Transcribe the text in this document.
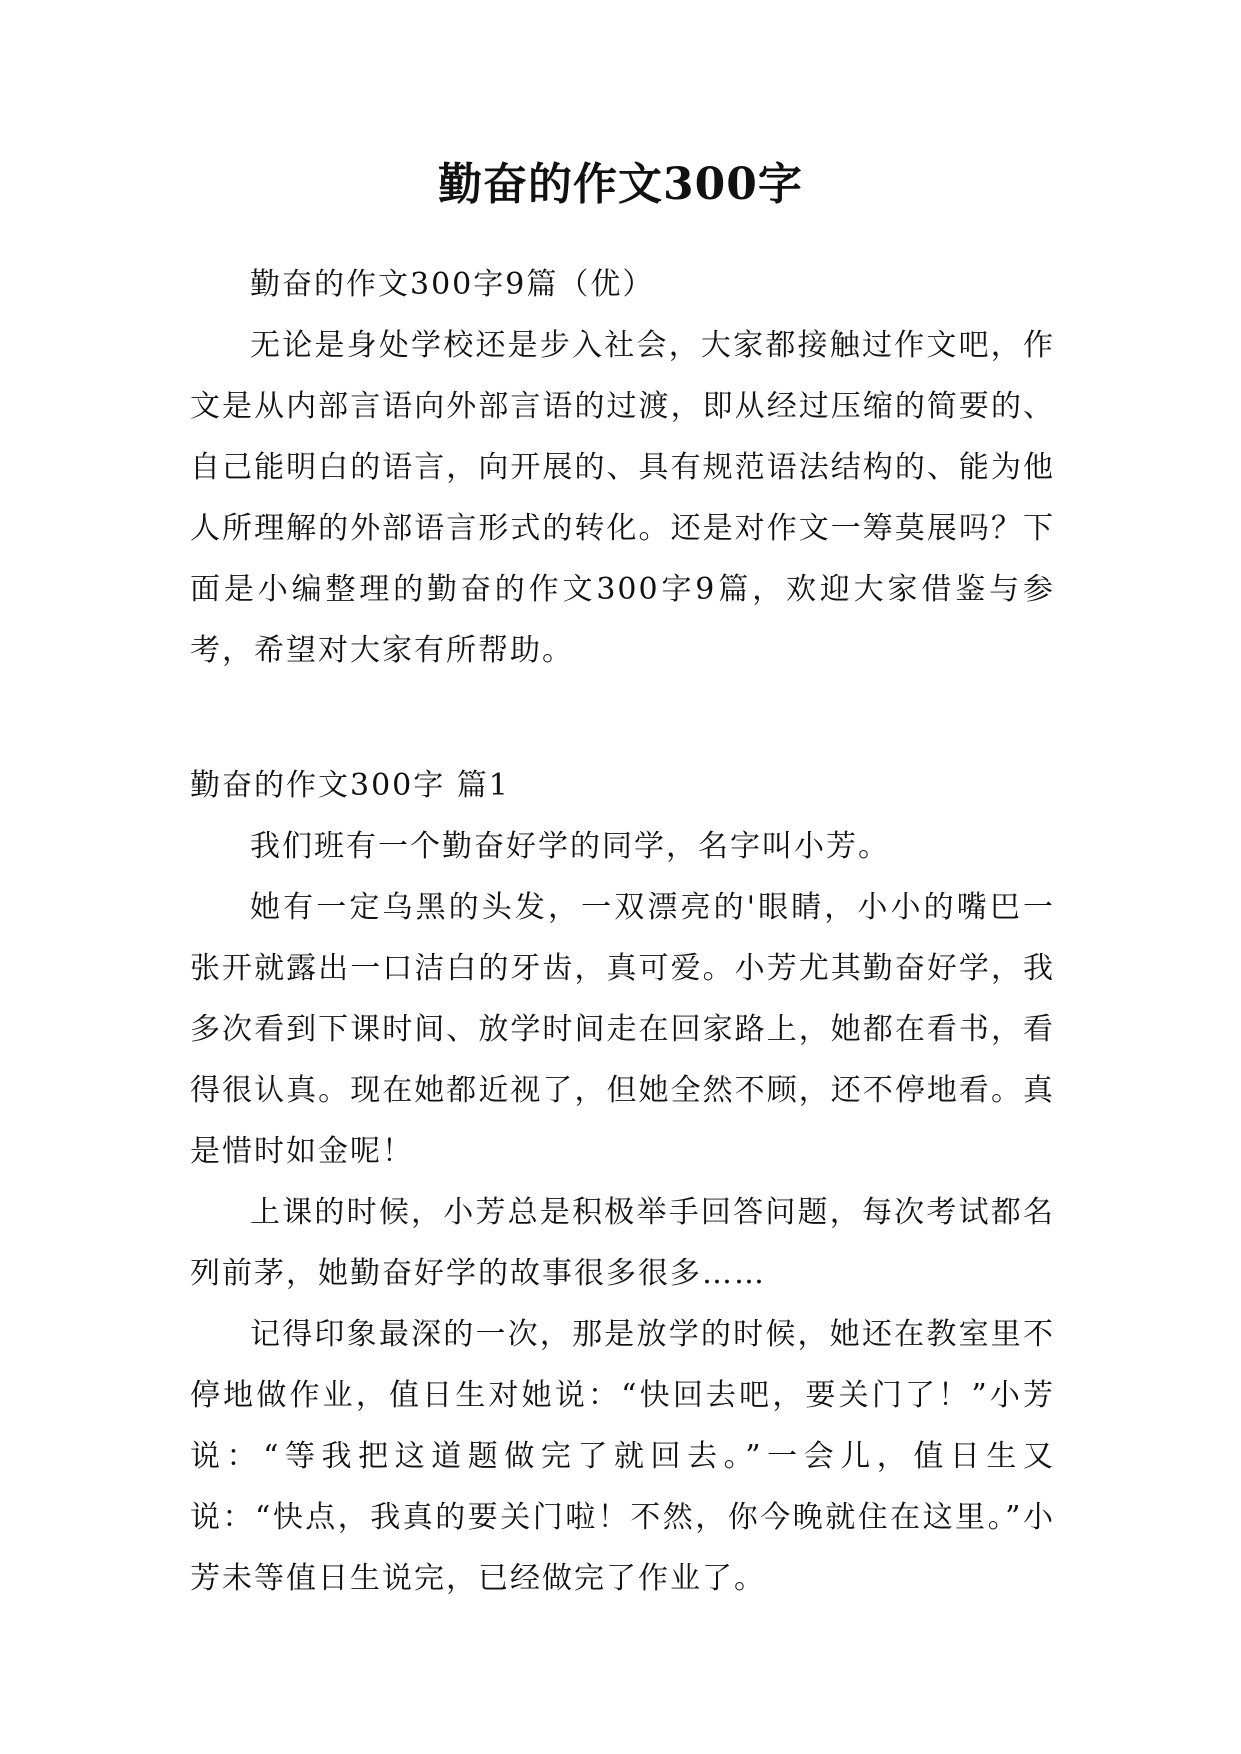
勤奋的作文300字

勤奋的作文300字9篇（优）

无论是身处学校还是步入社会，大家都接触过作文吧，作文是从内部言语向外部言语的过渡，即从经过压缩的简要的、自己能明白的语言，向开展的、具有规范语法结构的、能为他人所理解的外部语言形式的转化。还是对作文一筹莫展吗？下面是小编整理的勤奋的作文300字9篇，欢迎大家借鉴与参考，希望对大家有所帮助。

勤奋的作文300字 篇1

我们班有一个勤奋好学的同学，名字叫小芳。

她有一定乌黑的头发，一双漂亮的'眼睛，小小的嘴巴一张开就露出一口洁白的牙齿，真可爱。小芳尤其勤奋好学，我多次看到下课时间、放学时间走在回家路上，她都在看书，看得很认真。现在她都近视了，但她全然不顾，还不停地看。真是惜时如金呢！

上课的时候，小芳总是积极举手回答问题，每次考试都名列前茅，她勤奋好学的故事很多很多……

记得印象最深的一次，那是放学的时候，她还在教室里不停地做作业，值日生对她说：“快回去吧，要关门了！”小芳说：“等我把这道题做完了就回去。”一会儿，值日生又说：“快点，我真的要关门啦！不然，你今晚就住在这里。”小芳未等值日生说完，已经做完了作业了。
